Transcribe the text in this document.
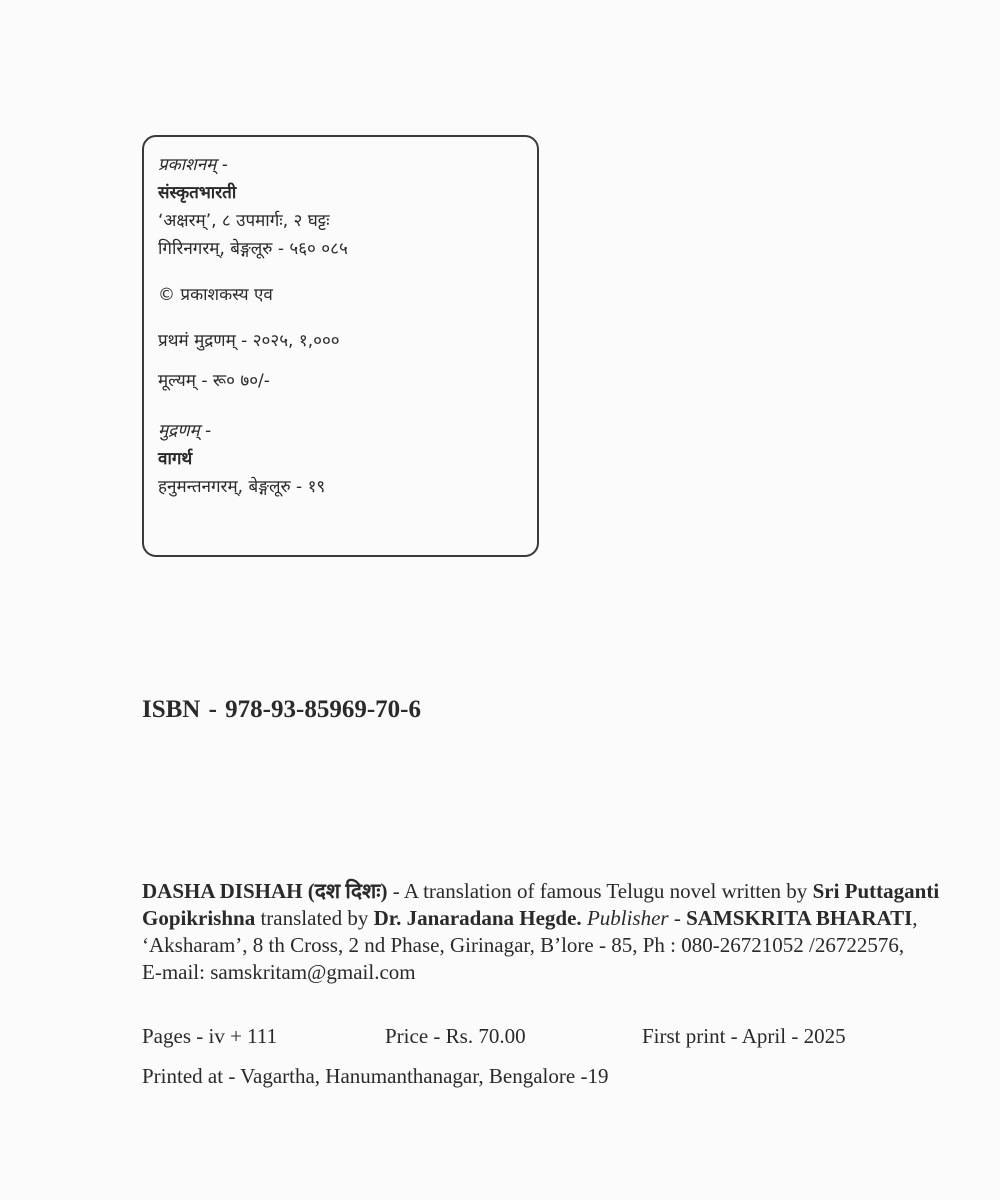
प्रकाशनम् -
संस्कृतभारती
‘अक्षरम्’, ८ उपमार्गः, २ घट्टः
गिरिनगरम्, बेङ्गलूरु - ५६० ०८५
© प्रकाशकस्य एव
प्रथमं मुद्रणम् - २०२५, १,०००
मूल्यम् - रू० ७०/-
मुद्रणम् -
वागर्थ
हनुमन्तनगरम्, बेङ्गलूरु - १९
ISBN - 978-93-85969-70-6
DASHA DISHAH (दश दिशः) - A translation of famous Telugu novel written by Sri Puttaganti Gopikrishna translated by Dr. Janaradana Hegde. Publisher - SAMSKRITA BHARATI, ‘Aksharam’, 8 th Cross, 2 nd Phase, Girinagar, B’lore - 85, Ph : 080-26721052 /26722576,
E-mail: samskritam@gmail.com
Pages - iv + 111	Price - Rs. 70.00	First print - April - 2025
Printed at - Vagartha, Hanumanthanagar, Bengalore -19
